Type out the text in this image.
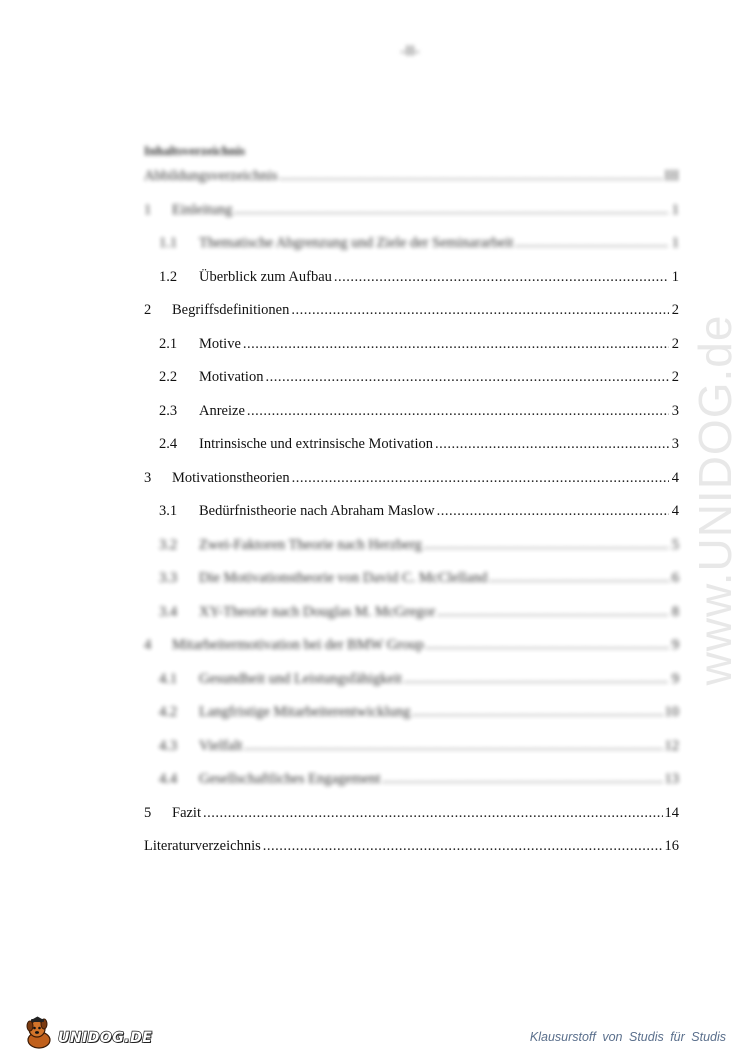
-II-
Inhaltsverzeichnis
Abbildungsverzeichnis .....	III
1	Einleitung .....	1
1.1	Thematische Abgrenzung und Ziele der Seminararbeit .....	1
1.2	Überblick zum Aufbau .....	1
2	Begriffsdefinitionen .....	2
2.1	Motive .....	2
2.2	Motivation .....	2
2.3	Anreize .....	3
2.4	Intrinsische und extrinsische Motivation .....	3
3	Motivationstheorien .....	4
3.1	Bedürfnistheorie nach Abraham Maslow .....	4
3.2	Zwei-Faktoren Theorie nach Herzberg .....	5
3.3	Die Motivationstheorie von David C. McClelland .....	6
3.4	XY-Theorie nach Douglas M. McGregor .....	8
4	Mitarbeitermotivation bei der BMW Group .....	9
4.1	Gesundheit und Leistungsfähigkeit .....	9
4.2	Langfristige Mitarbeiterentwicklung .....	10
4.3	Vielfalt .....	12
4.4	Gesellschaftliches Engagement .....	13
5	Fazit .....	14
Literaturverzeichnis .....	16
www.UNIDOG.de
UNIDOG.DE	Klausurstoff von Studis für Studis
